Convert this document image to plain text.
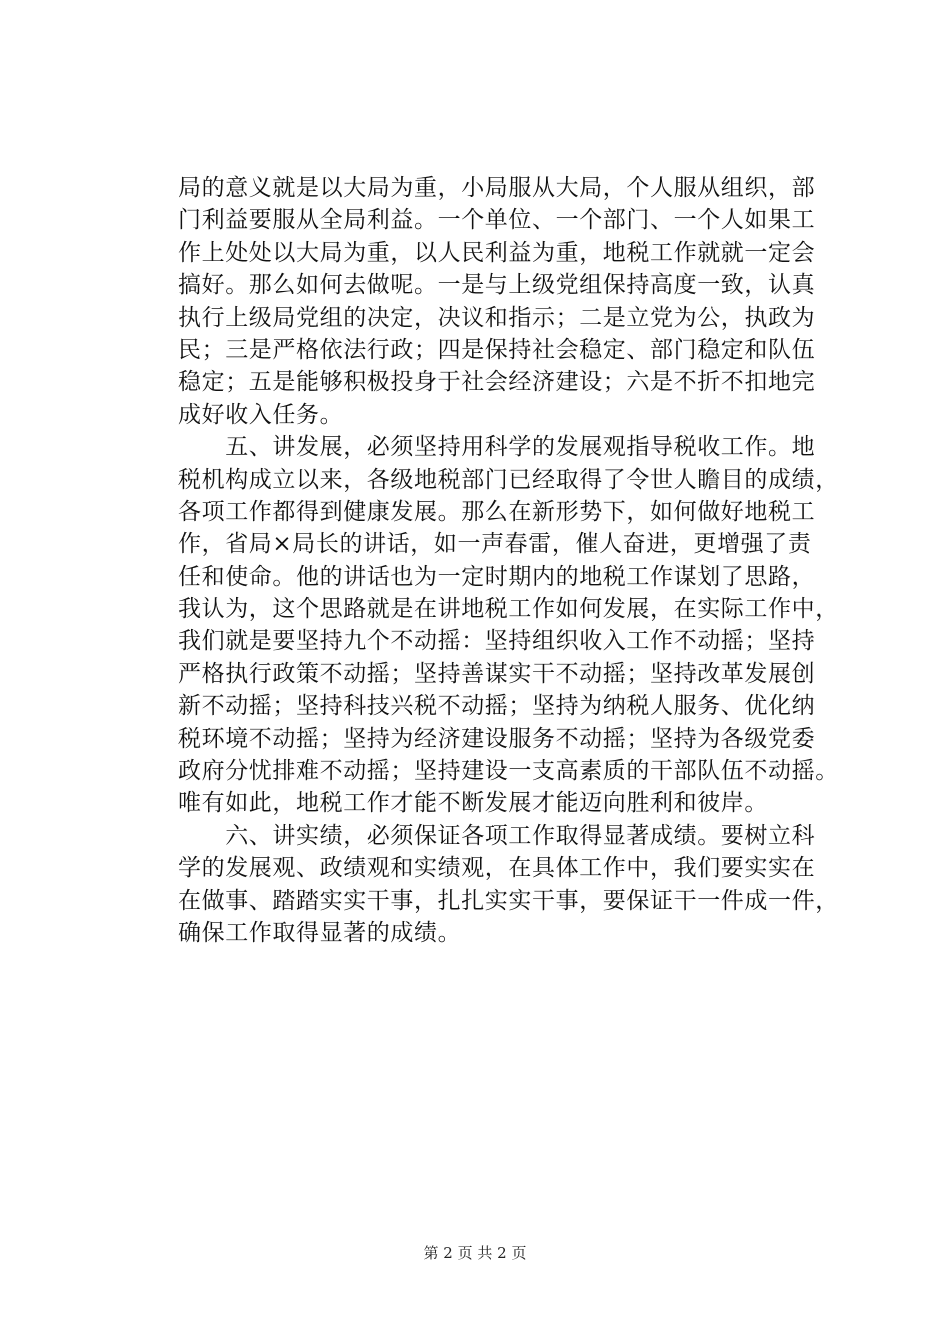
局的意义就是以大局为重，小局服从大局，个人服从组织，部
门利益要服从全局利益。一个单位、一个部门、一个人如果工
作上处处以大局为重，以人民利益为重，地税工作就就一定会
搞好。那么如何去做呢。一是与上级党组保持高度一致，认真
执行上级局党组的决定，决议和指示；二是立党为公，执政为
民；三是严格依法行政；四是保持社会稳定、部门稳定和队伍
稳定；五是能够积极投身于社会经济建设；六是不折不扣地完
成好收入任务。
　　五、讲发展，必须坚持用科学的发展观指导税收工作。地
税机构成立以来，各级地税部门已经取得了令世人瞻目的成绩，
各项工作都得到健康发展。那么在新形势下，如何做好地税工
作，省局×局长的讲话，如一声春雷，催人奋进，更增强了责
任和使命。他的讲话也为一定时期内的地税工作谋划了思路，
我认为，这个思路就是在讲地税工作如何发展，在实际工作中，
我们就是要坚持九个不动摇：坚持组织收入工作不动摇；坚持
严格执行政策不动摇；坚持善谋实干不动摇；坚持改革发展创
新不动摇；坚持科技兴税不动摇；坚持为纳税人服务、优化纳
税环境不动摇；坚持为经济建设服务不动摇；坚持为各级党委
政府分忧排难不动摇；坚持建设一支高素质的干部队伍不动摇。
唯有如此，地税工作才能不断发展才能迈向胜利和彼岸。
　　六、讲实绩，必须保证各项工作取得显著成绩。要树立科
学的发展观、政绩观和实绩观，在具体工作中，我们要实实在
在做事、踏踏实实干事，扎扎实实干事，要保证干一件成一件，
确保工作取得显著的成绩。
第 2 页 共 2 页
